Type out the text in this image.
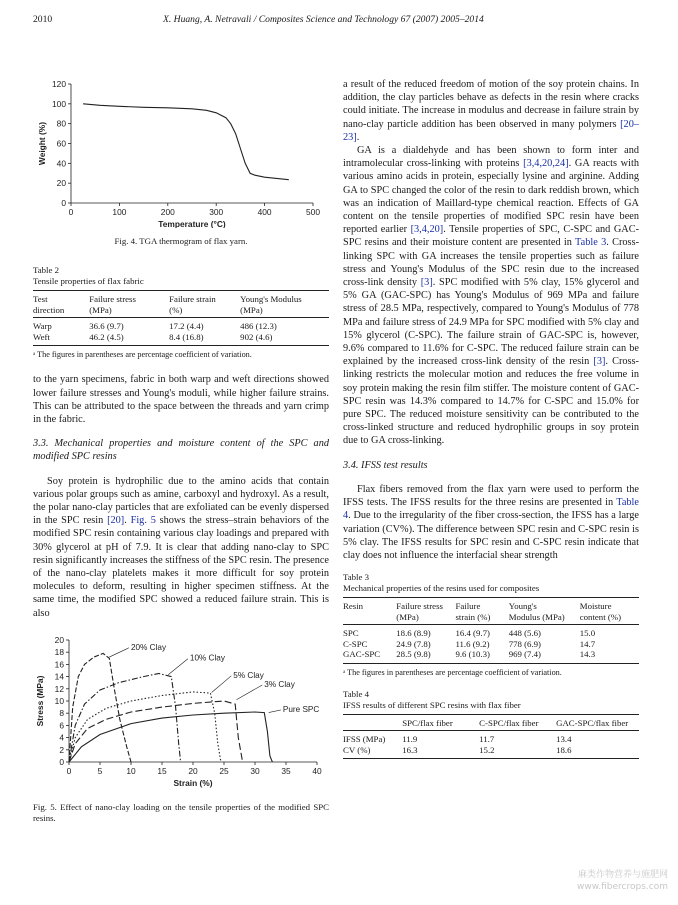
2010	X. Huang, A. Netravali / Composites Science and Technology 67 (2007) 2005–2014
0	100	200	300	400	500
0
20
40
60
80
100
120
Temperature (°C)
Weight (%)
Fig. 4. TGA thermogram of flax yarn.
Table 2
Tensile properties of flax fabric
Test	Failure stress	Failure strain	Young's Modulus
direction	(MPa)	(%)	(MPa)
Warp	36.6 (9.7)	17.2 (4.4)	486 (12.3)
Weft	46.2 (4.5)	8.4 (16.8)	902 (4.6)
ᵃ The figures in parentheses are percentage coefficient of variation.

to the yarn specimens, fabric in both warp and weft directions showed lower failure stresses and Young's moduli, while higher failure strains. This can be attributed to the space between the threads and yarn crimp in the fabric.

3.3. Mechanical properties and moisture content of the SPC and modified SPC resins

Soy protein is hydrophilic due to the amino acids that contain various polar groups such as amine, carboxyl and hydroxyl. As a result, the polar nano-clay particles that are exfoliated can be evenly dispersed in the SPC resin [20]. Fig. 5 shows the stress–strain behaviors of the modified SPC resin containing various clay loadings and prepared with 30% glycerol at pH of 7.9. It is clear that adding nano-clay to SPC resin significantly increases the stiffness of the SPC resin. The presence of the nano-clay platelets makes it more difficult for soy protein molecules to deform, resulting in higher specimen stiffness. At the same time, the modified SPC showed a reduced failure strain. This is also

0	5	10	15	20	25	30	35	40
0
2
4
6
8
10
12
14
16
18
20
Strain (%)
Stress (MPa)
20% Clay
10% Clay
5% Clay
3% Clay
Pure SPC
Fig. 5. Effect of nano-clay loading on the tensile properties of the modified SPC resins.

a result of the reduced freedom of motion of the soy protein chains. In addition, the clay particles behave as defects in the resin where cracks could initiate. The increase in modulus and decrease in failure strain by nano-clay particle addition has been observed in many polymers [20–23].

GA is a dialdehyde and has been shown to form inter and intramolecular cross-linking with proteins [3,4,20,24]. GA reacts with various amino acids in protein, especially lysine and arginine. Adding GA to SPC changed the color of the resin to dark reddish brown, which was an indication of Maillard-type chemical reaction. Effects of GA content on the tensile properties of modified SPC resin have been reported earlier [3,4,20]. Tensile properties of SPC, C-SPC and GAC-SPC resins and their moisture content are presented in Table 3. Cross-linking SPC with GA increases the tensile properties such as failure stress and Young's Modulus of the SPC resin due to the increased cross-link density [3]. SPC modified with 5% clay, 15% glycerol and 5% GA (GAC-SPC) has Young's Modulus of 969 MPa and failure stress of 28.5 MPa, respectively, compared to Young's Modulus of 778 MPa and failure stress of 24.9 MPa for SPC modified with 5% clay and 15% glycerol (C-SPC). The failure strain of GAC-SPC is, however, 9.6% compared to 11.6% for C-SPC. The reduced failure strain can be explained by the increased cross-link density of the resin [3]. Cross-linking restricts the molecular motion and reduces the free volume in soy protein making the resin film stiffer. The moisture content of GAC-SPC resin was 14.3% compared to 14.7% for C-SPC and 15.0% for pure SPC. The reduced moisture sensitivity can be contributed to the cross-linked structure and reduced hydrophilic groups in soy protein due to GA cross-linking.

3.4. IFSS test results

Flax fibers removed from the flax yarn were used to perform the IFSS tests. The IFSS results for the three resins are presented in Table 4. Due to the irregularity of the fiber cross-section, the IFSS has a large variation (CV%). The difference between SPC resin and C-SPC resin is 5% clay. The IFSS results for SPC resin and C-SPC resin indicate that clay does not influence the interfacial shear strength

Table 3
Mechanical properties of the resins used for composites
Resin	Failure stress	Failure	Young's	Moisture
	(MPa)	strain (%)	Modulus (MPa)	content (%)
SPC	18.6 (8.9)	16.4 (9.7)	448 (5.6)	15.0
C-SPC	24.9 (7.8)	11.6 (9.2)	778 (6.9)	14.7
GAC-SPC	28.5 (9.8)	9.6 (10.3)	969 (7.4)	14.3
ᵃ The figures in parentheses are percentage coefficient of variation.
Table 4
IFSS results of different SPC resins with flax fiber
	SPC/flax fiber	C-SPC/flax fiber	GAC-SPC/flax fiber
IFSS (MPa)	11.9	11.7	13.4
CV (%)	16.3	15.2	18.6
麻类作物营养与施肥网
www.fibercrops.com
